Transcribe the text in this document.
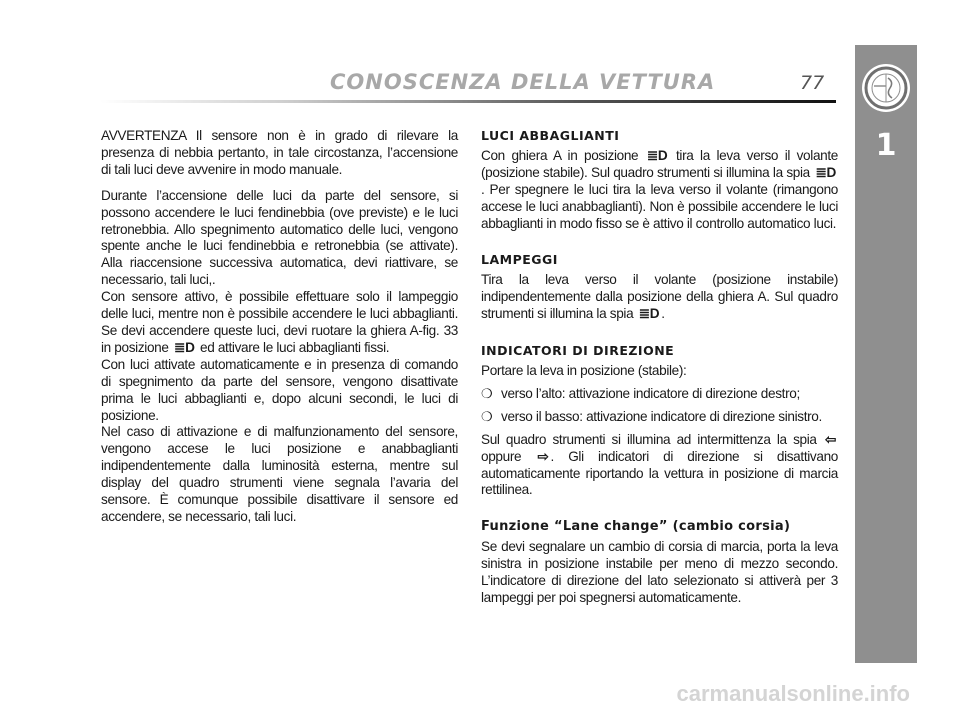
CONOSCENZA DELLA VETTURA	77
1

AVVERTENZA Il sensore non è in grado di rilevare la presenza di nebbia pertanto, in tale circostanza, l’accensione di tali luci deve avvenire in modo manuale.

Durante l’accensione delle luci da parte del sensore, si possono accendere le luci fendinebbia (ove previste) e le luci retronebbia. Allo spegnimento automatico delle luci, vengono spente anche le luci fendinebbia e retronebbia (se attivate). Alla riaccensione successiva automatica, devi riattivare, se necessario, tali luci,.

Con sensore attivo, è possibile effettuare solo il lampeggio delle luci, mentre non è possibile accendere le luci abbaglianti. Se devi accendere queste luci, devi ruotare la ghiera A-fig. 33 in posizione ≣D ed attivare le luci abbaglianti fissi.

Con luci attivate automaticamente e in presenza di comando di spegnimento da parte del sensore, vengono disattivate prima le luci abbaglianti e, dopo alcuni secondi, le luci di posizione.

Nel caso di attivazione e di malfunzionamento del sensore, vengono accese le luci posizione e anabbaglianti indipendentemente dalla luminosità esterna, mentre sul display del quadro strumenti viene segnala l’avaria del sensore. È comunque possibile disattivare il sensore ed accendere, se necessario, tali luci.

LUCI ABBAGLIANTI

Con ghiera A in posizione ≣D tira la leva verso il volante (posizione stabile). Sul quadro strumenti si illumina la spia ≣D. Per spegnere le luci tira la leva verso il volante (rimangono accese le luci anabbaglianti). Non è possibile accendere le luci abbaglianti in modo fisso se è attivo il controllo automatico luci.

LAMPEGGI

Tira la leva verso il volante (posizione instabile) indipendentemente dalla posizione della ghiera A. Sul quadro strumenti si illumina la spia ≣D .

INDICATORI DI DIREZIONE

Portare la leva in posizione (stabile):

❍ verso l’alto: attivazione indicatore di direzione destro;
❍ verso il basso: attivazione indicatore di direzione sinistro.

Sul quadro strumenti si illumina ad intermittenza la spia ⇦ oppure ⇨ . Gli indicatori di direzione si disattivano automaticamente riportando la vettura in posizione di marcia rettilinea.

Funzione “Lane change” (cambio corsia)

Se devi segnalare un cambio di corsia di marcia, porta la leva sinistra in posizione instabile per meno di mezzo secondo. L’indicatore di direzione del lato selezionato si attiverà per 3 lampeggi per poi spegnersi automaticamente.

carmanualsonline.info
